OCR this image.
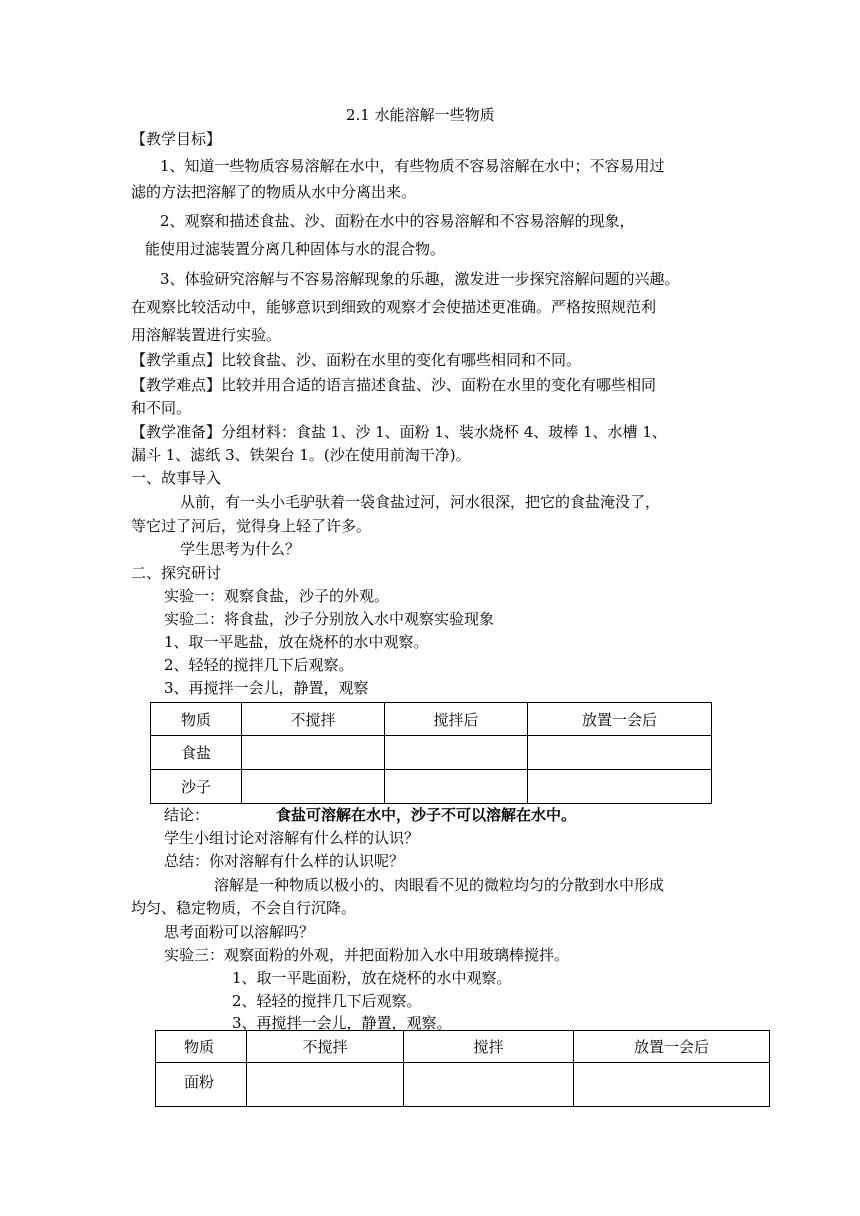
2.1 水能溶解一些物质
【教学目标】
1、知道一些物质容易溶解在水中，有些物质不容易溶解在水中；不容易用过
滤的方法把溶解了的物质从水中分离出来。
2、观察和描述食盐、沙、面粉在水中的容易溶解和不容易溶解的现象，
能使用过滤装置分离几种固体与水的混合物。
3、体验研究溶解与不容易溶解现象的乐趣，激发进一步探究溶解问题的兴趣。
在观察比较活动中，能够意识到细致的观察才会使描述更准确。严格按照规范利
用溶解装置进行实验。
【教学重点】比较食盐、沙、面粉在水里的变化有哪些相同和不同。
【教学难点】比较并用合适的语言描述食盐、沙、面粉在水里的变化有哪些相同
和不同。
【教学准备】分组材料：食盐 1、沙 1、面粉 1、装水烧杯 4、玻棒 1、水槽 1、
漏斗 1、滤纸 3、铁架台 1。(沙在使用前淘干净)。
一、故事导入
从前，有一头小毛驴驮着一袋食盐过河，河水很深，把它的食盐淹没了，
等它过了河后，觉得身上轻了许多。
学生思考为什么？
二、探究研讨
实验一：观察食盐，沙子的外观。
实验二：将食盐，沙子分别放入水中观察实验现象
1、取一平匙盐，放在烧杯的水中观察。
2、轻轻的搅拌几下后观察。
3、再搅拌一会儿，静置，观察
物质	不搅拌	搅拌后	放置一会后
食盐			
沙子			
结论：	食盐可溶解在水中，沙子不可以溶解在水中。
学生小组讨论对溶解有什么样的认识？
总结：你对溶解有什么样的认识呢？
溶解是一种物质以极小的、肉眼看不见的微粒均匀的分散到水中形成
均匀、稳定物质，不会自行沉降。
思考面粉可以溶解吗？
实验三：观察面粉的外观，并把面粉加入水中用玻璃棒搅拌。
1、取一平匙面粉，放在烧杯的水中观察。
2、轻轻的搅拌几下后观察。
3、再搅拌一会儿，静置，观察。
物质	不搅拌	搅拌	放置一会后
面粉			
